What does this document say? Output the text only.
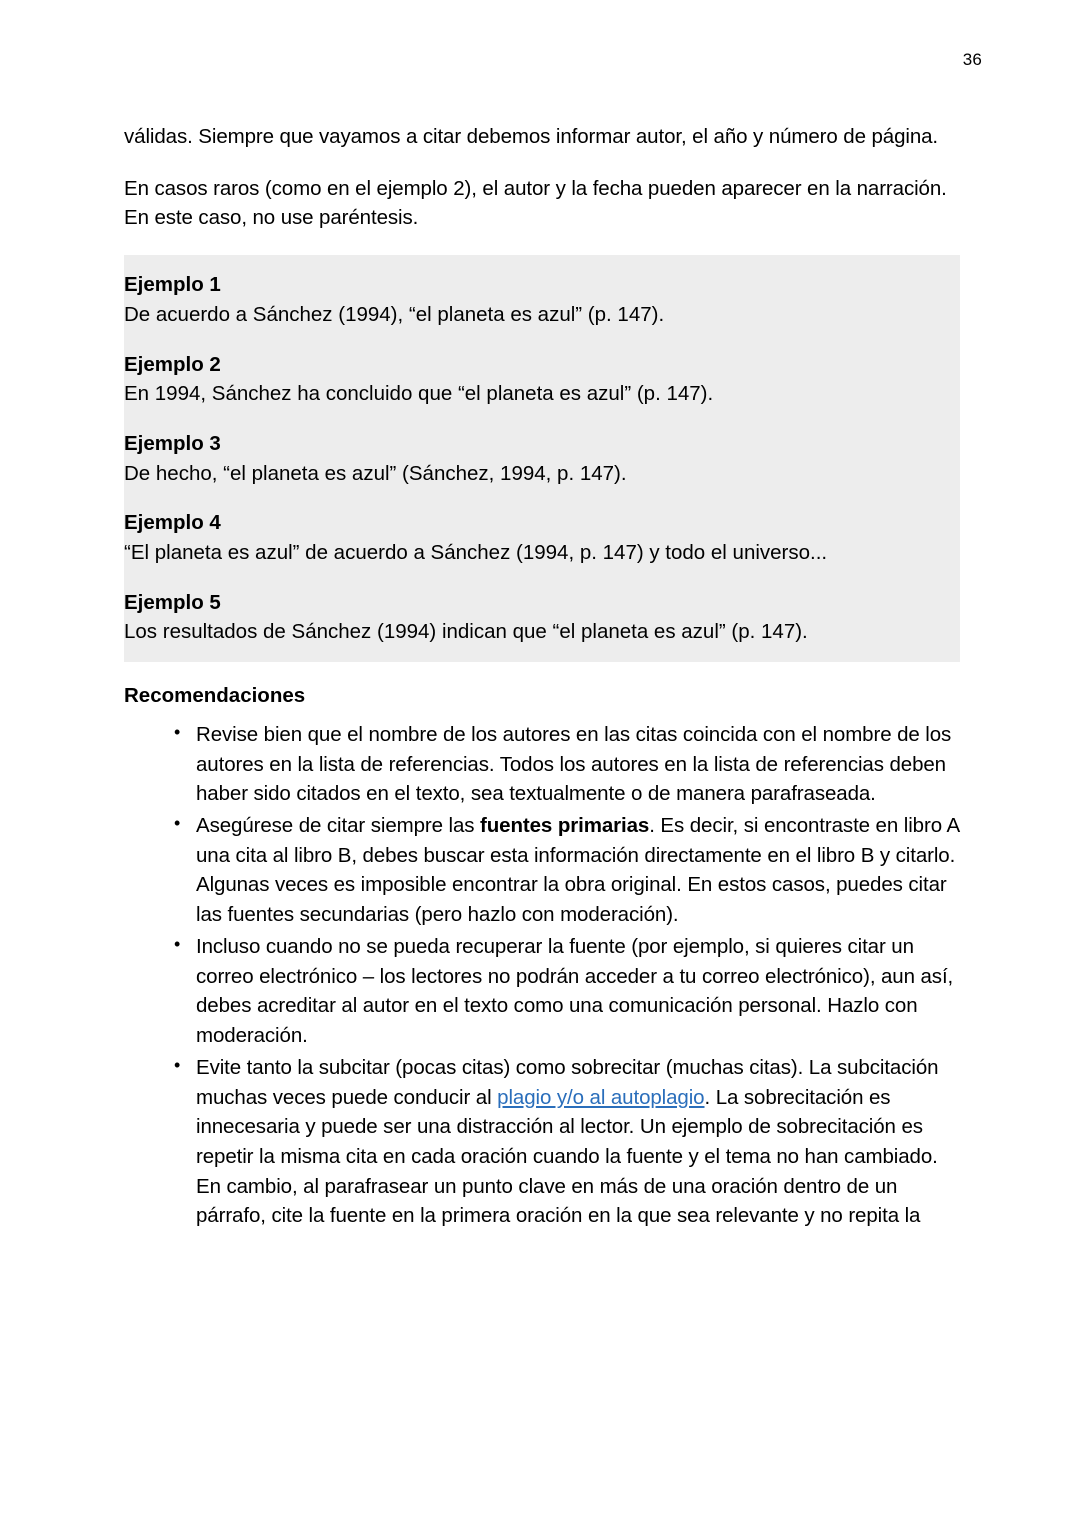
36

válidas. Siempre que vayamos a citar debemos informar autor, el año y número de página.

En casos raros (como en el ejemplo 2), el autor y la fecha pueden aparecer en la narración. En este caso, no use paréntesis.

Ejemplo 1
De acuerdo a Sánchez (1994), “el planeta es azul” (p. 147).
Ejemplo 2
En 1994, Sánchez ha concluido que “el planeta es azul” (p. 147).
Ejemplo 3
De hecho, “el planeta es azul” (Sánchez, 1994, p. 147).
Ejemplo 4
“El planeta es azul” de acuerdo a Sánchez (1994, p. 147) y todo el universo...
Ejemplo 5
Los resultados de Sánchez (1994) indican que “el planeta es azul” (p. 147).
Recomendaciones
• Revise bien que el nombre de los autores en las citas coincida con el nombre de los autores en la lista de referencias. Todos los autores en la lista de referencias deben haber sido citados en el texto, sea textualmente o de manera parafraseada.
• Asegúrese de citar siempre las fuentes primarias. Es decir, si encontraste en libro A una cita al libro B, debes buscar esta información directamente en el libro B y citarlo. Algunas veces es imposible encontrar la obra original. En estos casos, puedes citar las fuentes secundarias (pero hazlo con moderación).
• Incluso cuando no se pueda recuperar la fuente (por ejemplo, si quieres citar un correo electrónico – los lectores no podrán acceder a tu correo electrónico), aun así, debes acreditar al autor en el texto como una comunicación personal. Hazlo con moderación.
• Evite tanto la subcitar (pocas citas) como sobrecitar (muchas citas). La subcitación muchas veces puede conducir al plagio y/o al autoplagio. La sobrecitación es innecesaria y puede ser una distracción al lector. Un ejemplo de sobrecitación es repetir la misma cita en cada oración cuando la fuente y el tema no han cambiado. En cambio, al parafrasear un punto clave en más de una oración dentro de un párrafo, cite la fuente en la primera oración en la que sea relevante y no repita la
